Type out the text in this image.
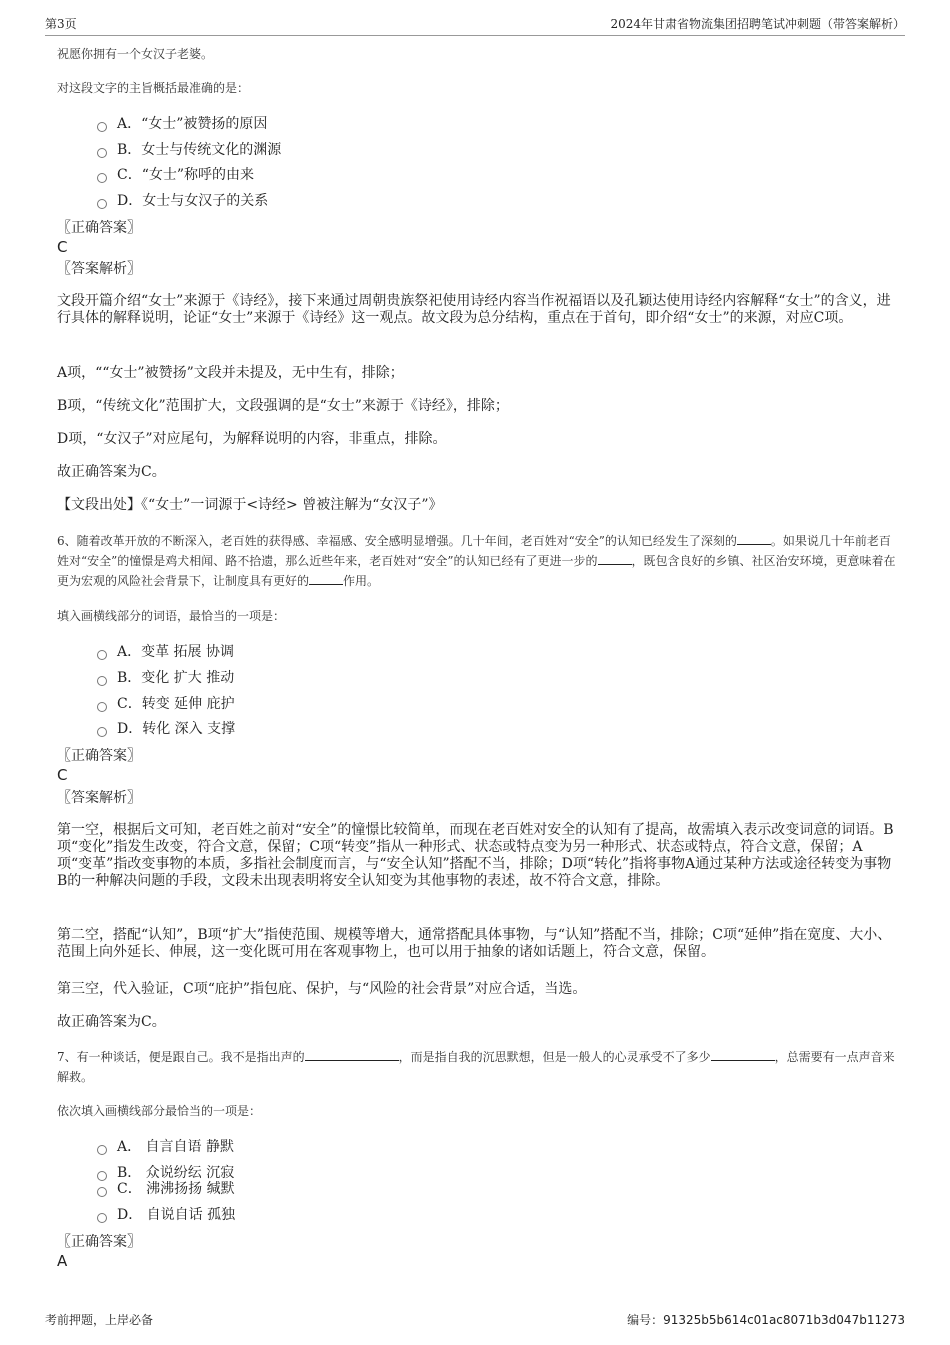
第3页	2024年甘肃省物流集团招聘笔试冲刺题（带答案解析）
祝愿你拥有一个女汉子老婆。
对这段文字的主旨概括最准确的是：
A．“女士”被赞扬的原因
B．女士与传统文化的渊源
C．“女士”称呼的由来
D．女士与女汉子的关系
〖正确答案〗
C
〖答案解析〗
文段开篇介绍“女士”来源于《诗经》，接下来通过周朝贵族祭祀使用诗经内容当作祝福语以及孔颖达使用诗经内容解释“女士”的含义，进行具体的解释说明，论证“女士”来源于《诗经》这一观点。故文段为总分结构，重点在于首句，即介绍“女士”的来源，对应C项。
A项，““女士”被赞扬”文段并未提及，无中生有，排除；
B项，“传统文化”范围扩大，文段强调的是“女士”来源于《诗经》，排除；
D项，“女汉子”对应尾句，为解释说明的内容，非重点，排除。
故正确答案为C。
【文段出处】《“女士”一词源于<诗经> 曾被注解为“女汉子”》
6、随着改革开放的不断深入，老百姓的获得感、幸福感、安全感明显增强。几十年间，老百姓对“安全”的认知已经发生了深刻的	。如果说几十年前老百姓对“安全”的憧憬是鸡犬相闻、路不拾遗，那么近些年来，老百姓对“安全”的认知已经有了更进一步的	，既包含良好的乡镇、社区治安环境，更意味着在更为宏观的风险社会背景下，让制度具有更好的	作用。
填入画横线部分的词语，最恰当的一项是：
A．变革 拓展 协调
B．变化 扩大 推动
C．转变 延伸 庇护
D．转化 深入 支撑
〖正确答案〗
C
〖答案解析〗
第一空，根据后文可知，老百姓之前对“安全”的憧憬比较简单，而现在老百姓对安全的认知有了提高，故需填入表示改变词意的词语。B项“变化”指发生改变，符合文意，保留；C项“转变”指从一种形式、状态或特点变为另一种形式、状态或特点，符合文意，保留；A项“变革”指改变事物的本质，多指社会制度而言，与“安全认知”搭配不当，排除；D项“转化”指将事物A通过某种方法或途径转变为事物B的一种解决问题的手段，文段未出现表明将安全认知变为其他事物的表述，故不符合文意，排除。
第二空，搭配“认知”，B项“扩大”指使范围、规模等增大，通常搭配具体事物，与“认知”搭配不当，排除；C项“延伸”指在宽度、大小、范围上向外延长、伸展，这一变化既可用在客观事物上，也可以用于抽象的诸如话题上，符合文意，保留。
第三空，代入验证，C项“庇护”指包庇、保护，与“风险的社会背景”对应合适，当选。
故正确答案为C。
7、有一种谈话，便是跟自己。我不是指出声的	，而是指自我的沉思默想，但是一般人的心灵承受不了多少	，总需要有一点声音来解救。
依次填入画横线部分最恰当的一项是：
A． 自言自语 静默
B． 众说纷纭 沉寂
C． 沸沸扬扬 缄默
D． 自说自话 孤独
〖正确答案〗
A
考前押题，上岸必备	编号：91325b5b614c01ac8071b3d047b11273
